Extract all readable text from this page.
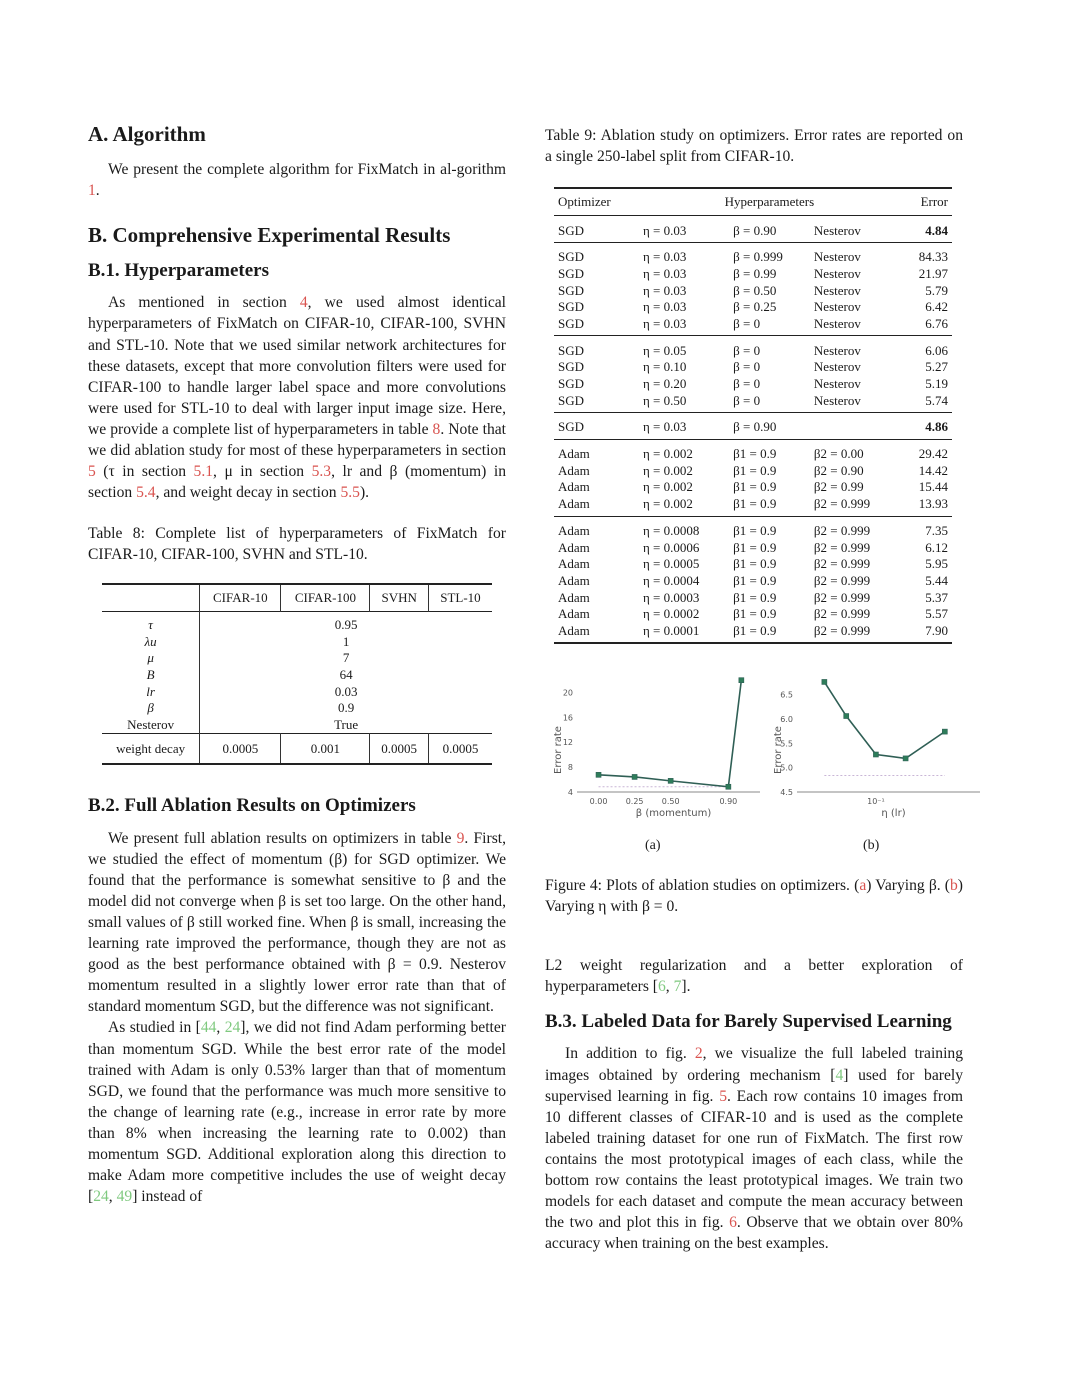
A. Algorithm

We present the complete algorithm for FixMatch in al-gorithm 1.

B. Comprehensive Experimental Results
B.1. Hyperparameters

As mentioned in section 4, we used almost identical hyperparameters of FixMatch on CIFAR-10, CIFAR-100, SVHN and STL-10. Note that we used similar network architectures for these datasets, except that more convolution filters were used for CIFAR-100 to handle larger label space and more convolutions were used for STL-10 to deal with larger input image size. Here, we provide a complete list of hyperparameters in table 8. Note that we did ablation study for most of these hyperparameters in section 5 (τ in section 5.1, μ in section 5.3, lr and β (momentum) in section 5.4, and weight decay in section 5.5).

Table 8: Complete list of hyperparameters of FixMatch for CIFAR-10, CIFAR-100, SVHN and STL-10.

	CIFAR-10	CIFAR-100	SVHN	STL-10
τ	0.95			
λu	1			
μ	7			
B	64			
lr	0.03			
β	0.9			
Nesterov	True			
weight decay	0.0005	0.001	0.0005	0.0005
B.2. Full Ablation Results on Optimizers

We present full ablation results on optimizers in table 9. First, we studied the effect of momentum (β) for SGD optimizer. We found that the performance is somewhat sensitive to β and the model did not converge when β is set too large. On the other hand, small values of β still worked fine. When β is small, increasing the learning rate improved the performance, though they are not as good as the best performance obtained with β = 0.9. Nesterov momentum resulted in a slightly lower error rate than that of standard momentum SGD, but the difference was not significant.

As studied in [44, 24], we did not find Adam performing better than momentum SGD. While the best error rate of the model trained with Adam is only 0.53% larger than that of momentum SGD, we found that the performance was much more sensitive to the change of learning rate (e.g., increase in error rate by more than 8% when increasing the learning rate to 0.002) than momentum SGD. Additional exploration along this direction to make Adam more competitive includes the use of weight decay [24, 49] instead of

Table 9: Ablation study on optimizers. Error rates are reported on a single 250-label split from CIFAR-10.

Optimizer	Hyperparameters			Error
SGD	η = 0.03	β = 0.90	Nesterov	4.84
SGD	η = 0.03	β = 0.999	Nesterov	84.33
SGD	η = 0.03	β = 0.99	Nesterov	21.97
SGD	η = 0.03	β = 0.50	Nesterov	5.79
SGD	η = 0.03	β = 0.25	Nesterov	6.42
SGD	η = 0.03	β = 0	Nesterov	6.76
SGD	η = 0.05	β = 0	Nesterov	6.06
SGD	η = 0.10	β = 0	Nesterov	5.27
SGD	η = 0.20	β = 0	Nesterov	5.19
SGD	η = 0.50	β = 0	Nesterov	5.74
SGD	η = 0.03	β = 0.90		4.86
Adam	η = 0.002	β1 = 0.9	β2 = 0.00	29.42
Adam	η = 0.002	β1 = 0.9	β2 = 0.90	14.42
Adam	η = 0.002	β1 = 0.9	β2 = 0.99	15.44
Adam	η = 0.002	β1 = 0.9	β2 = 0.999	13.93
Adam	η = 0.0008	β1 = 0.9	β2 = 0.999	7.35
Adam	η = 0.0006	β1 = 0.9	β2 = 0.999	6.12
Adam	η = 0.0005	β1 = 0.9	β2 = 0.999	5.95
Adam	η = 0.0004	β1 = 0.9	β2 = 0.999	5.44
Adam	η = 0.0003	β1 = 0.9	β2 = 0.999	5.37
Adam	η = 0.0002	β1 = 0.9	β2 = 0.999	5.57
Adam	η = 0.0001	β1 = 0.9	β2 = 0.999	7.90
4
8
12
16
20
0.00 0.25 0.50	0.90
Error rate
β (momentum)
4.5
5.0
5.5
6.0
6.5
10⁻¹
Error rate
η (lr)
(a)	(b)

Figure 4: Plots of ablation studies on optimizers. (a) Varying β. (b) Varying η with β = 0.

L2 weight regularization and a better exploration of hyperparameters [6, 7].

B.3. Labeled Data for Barely Supervised Learning

In addition to fig. 2, we visualize the full labeled training images obtained by ordering mechanism [4] used for barely supervised learning in fig. 5. Each row contains 10 images from 10 different classes of CIFAR-10 and is used as the complete labeled training dataset for one run of FixMatch. The first row contains the most prototypical images of each class, while the bottom row contains the least prototypical images. We train two models for each dataset and compute the mean accuracy between the two and plot this in fig. 6. Observe that we obtain over 80% accuracy when training on the best examples.
